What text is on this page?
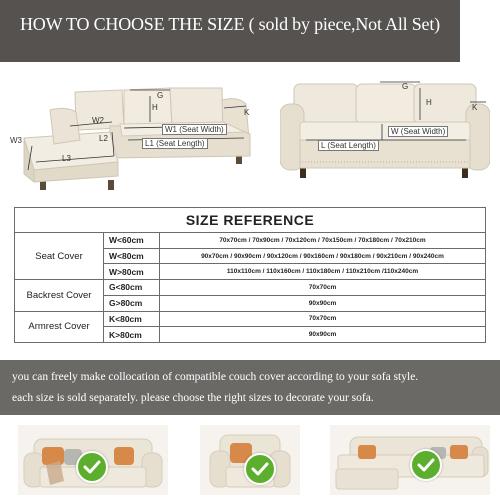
HOW TO CHOOSE THE SIZE ( sold by piece,Not All Set)
G
H
K
W2
W1 (Seat Width)
L2
L1 (Seat Length)
W3
L3
G
H
K
W (Seat Width)
L (Seat Length)
SIZE REFERENCE		
Seat Cover	W<60cm	70x70cm / 70x90cm / 70x120cm / 70x150cm / 70x180cm / 70x210cm
	W<80cm	90x70cm / 90x90cm / 90x120cm / 90x160cm / 90x180cm / 90x210cm / 90x240cm
	W>80cm	110x110cm / 110x160cm / 110x180cm / 110x210cm /110x240cm
Backrest Cover	G<80cm	70x70cm
	G>80cm	90x90cm
Armrest Cover	K<80cm	70x70cm
	K>80cm	90x90cm
you can freely make collocation of compatible couch cover according to your sofa style.
each size is sold separately. please choose the right sizes to decorate your sofa.
